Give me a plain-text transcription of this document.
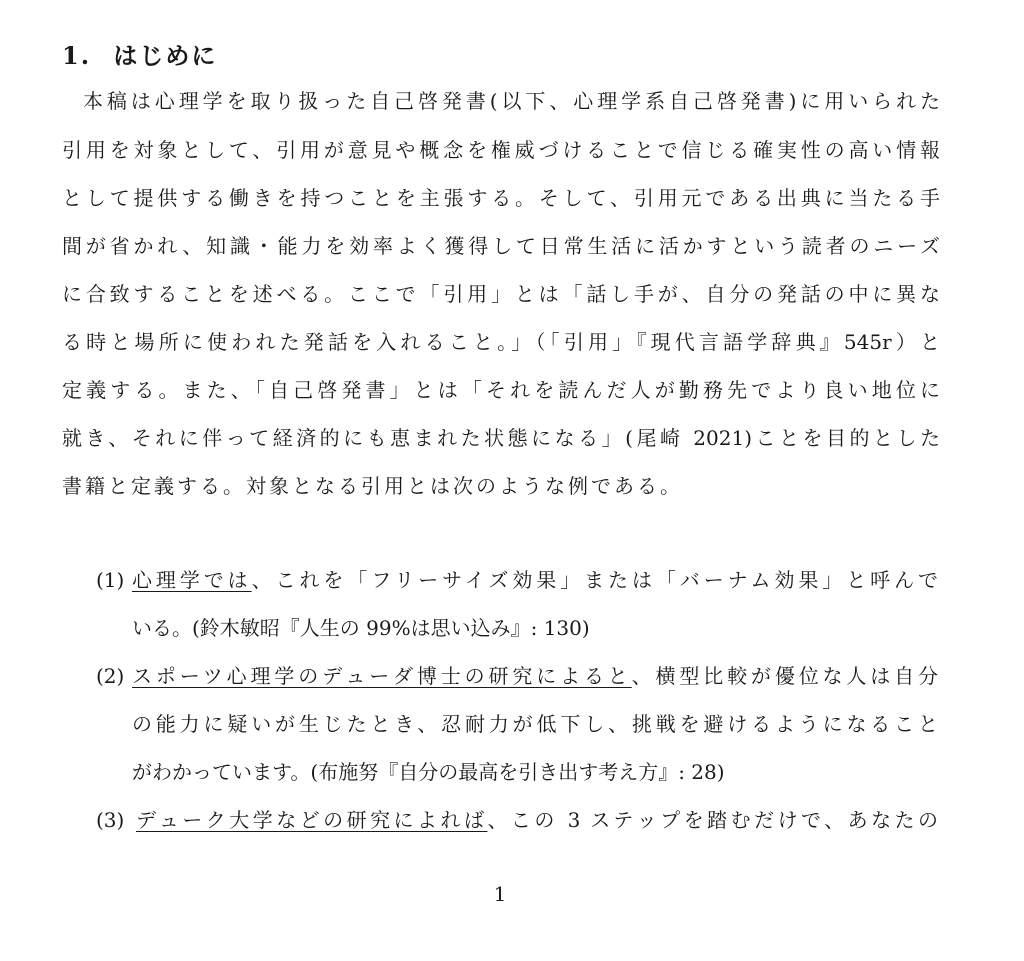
1. はじめに
本稿は心理学を取り扱った自己啓発書(以下、心理学系自己啓発書)に用いられた
引用を対象として、引用が意見や概念を権威づけることで信じる確実性の高い情報
として提供する働きを持つことを主張する。そして、引用元である出典に当たる手
間が省かれ、知識・能力を効率よく獲得して日常生活に活かすという読者のニーズ
に合致することを述べる。ここで「引用」とは「話し手が、自分の発話の中に異な
る時と場所に使われた発話を入れること。」（「引用」『現代言語学辞典』545r）と
定義する。また、「自己啓発書」とは「それを読んだ人が勤務先でより良い地位に
就き、それに伴って経済的にも恵まれた状態になる」(尾崎 2021)ことを目的とした
書籍と定義する。対象となる引用とは次のような例である。
(1) 心理学では、これを「フリーサイズ効果」または「バーナム効果」と呼んで
いる。(鈴木敏昭『人生の 99%は思い込み』: 130)
(2) スポーツ心理学のデューダ博士の研究によると、横型比較が優位な人は自分
の能力に疑いが生じたとき、忍耐力が低下し、挑戦を避けるようになること
がわかっています。(布施努『自分の最高を引き出す考え方』: 28)
(3) デューク大学などの研究によれば、この 3 ステップを踏むだけで、あなたの
1
